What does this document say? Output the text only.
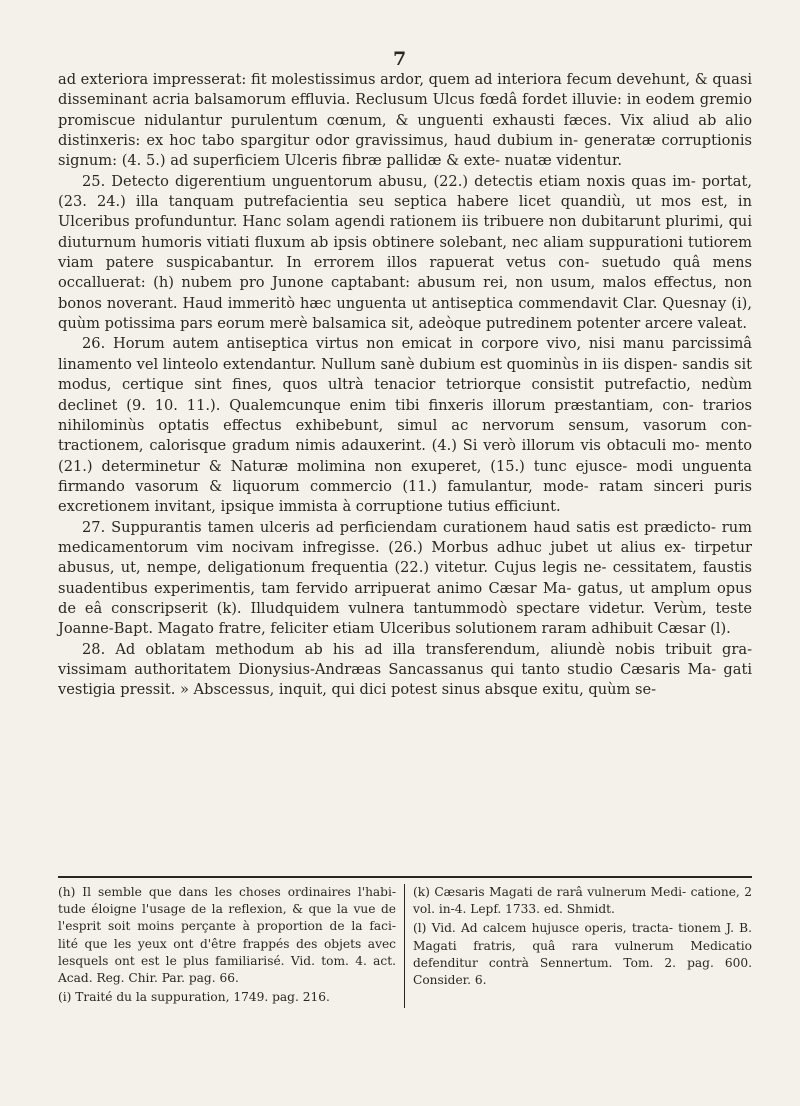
7

ad exteriora impresserat: fit molestissimus ardor, quem ad interiora fecum devehunt, & quasi disseminant acria balsamorum effluvia. Reclusum Ulcus fœdâ fordet illuvie: in eodem gremio promiscue nidulantur purulentum cœnum, & unguenti exhausti fæces. Vix aliud ab alio distinxeris: ex hoc tabo spargitur odor gravissimus, haud dubium in- generatæ corruptionis signum: (4. 5.) ad superficiem Ulceris fibræ pallidæ & exte- nuatæ videntur.

25. Detecto digerentium unguentorum abusu, (22.) detectis etiam noxis quas im- portat, (23. 24.) illa tanquam putrefacientia seu septica habere licet quandiù, ut mos est, in Ulceribus profunduntur. Hanc solam agendi rationem iis tribuere non dubitarunt plurimi, qui diuturnum humoris vitiati fluxum ab ipsis obtinere solebant, nec aliam suppurationi tutiorem viam patere suspicabantur. In errorem illos rapuerat vetus con- suetudo quâ mens occalluerat: (h) nubem pro Junone captabant: abusum rei, non usum, malos effectus, non bonos noverant. Haud immeritò hæc unguenta ut antiseptica commendavit Clar. Quesnay (i), quùm potissima pars eorum merè balsamica sit, adeòque putredinem potenter arcere valeat.

26. Horum autem antiseptica virtus non emicat in corpore vivo, nisi manu parcissimâ linamento vel linteolo extendantur. Nullum sanè dubium est quominùs in iis dispen- sandis sit modus, certique sint fines, quos ultrà tenacior tetriorque consistit putrefactio, nedùm declinet (9. 10. 11.). Qualemcunque enim tibi finxeris illorum præstantiam, con- trarios nihilominùs optatis effectus exhibebunt, simul ac nervorum sensum, vasorum con- tractionem, calorisque gradum nimis adauxerint. (4.) Si verò illorum vis obtaculi mo- mento (21.) determinetur & Naturæ molimina non exuperet, (15.) tunc ejusce- modi unguenta firmando vasorum & liquorum commercio (11.) famulantur, mode- ratam sinceri puris excretionem invitant, ipsique immista à corruptione tutius efficiunt.

27. Suppurantis tamen ulceris ad perficiendam curationem haud satis est prædicto- rum medicamentorum vim nocivam infregisse. (26.) Morbus adhuc jubet ut alius ex- tirpetur abusus, ut, nempe, deligationum frequentia (22.) vitetur. Cujus legis ne- cessitatem, faustis suadentibus experimentis, tam fervido arripuerat animo Cæsar Ma- gatus, ut amplum opus de eâ conscripserit (k). Illudquidem vulnera tantummodò spectare videtur. Verùm, teste Joanne-Bapt. Magato fratre, feliciter etiam Ulceribus solutionem raram adhibuit Cæsar (l).

28. Ad oblatam methodum ab his ad illa transferendum, aliundè nobis tribuit gra- vissimam authoritatem Dionysius-Andræas Sancassanus qui tanto studio Cæsaris Ma- gati vestigia pressit. » Abscessus, inquit, qui dici potest sinus absque exitu, quùm se-

(h) Il semble que dans les choses ordinaires l'habi- tude éloigne l'usage de la reflexion, & que la vue de l'esprit soit moins perçante à proportion de la faci- lité que les yeux ont d'être frappés des objets avec lesquels ont est le plus familiarisé. Vid. tom. 4. act. Acad. Reg. Chir. Par. pag. 66.

(i) Traité du la suppuration, 1749. pag. 216.

(k) Cæsaris Magati de rarâ vulnerum Medi- catione, 2 vol. in-4. Lepf. 1733. ed. Shmidt.

(l) Vid. Ad calcem hujusce operis, tracta- tionem J. B. Magati fratris, quâ rara vulnerum Medicatio defenditur contrà Sennertum. Tom. 2. pag. 600. Consider. 6.
